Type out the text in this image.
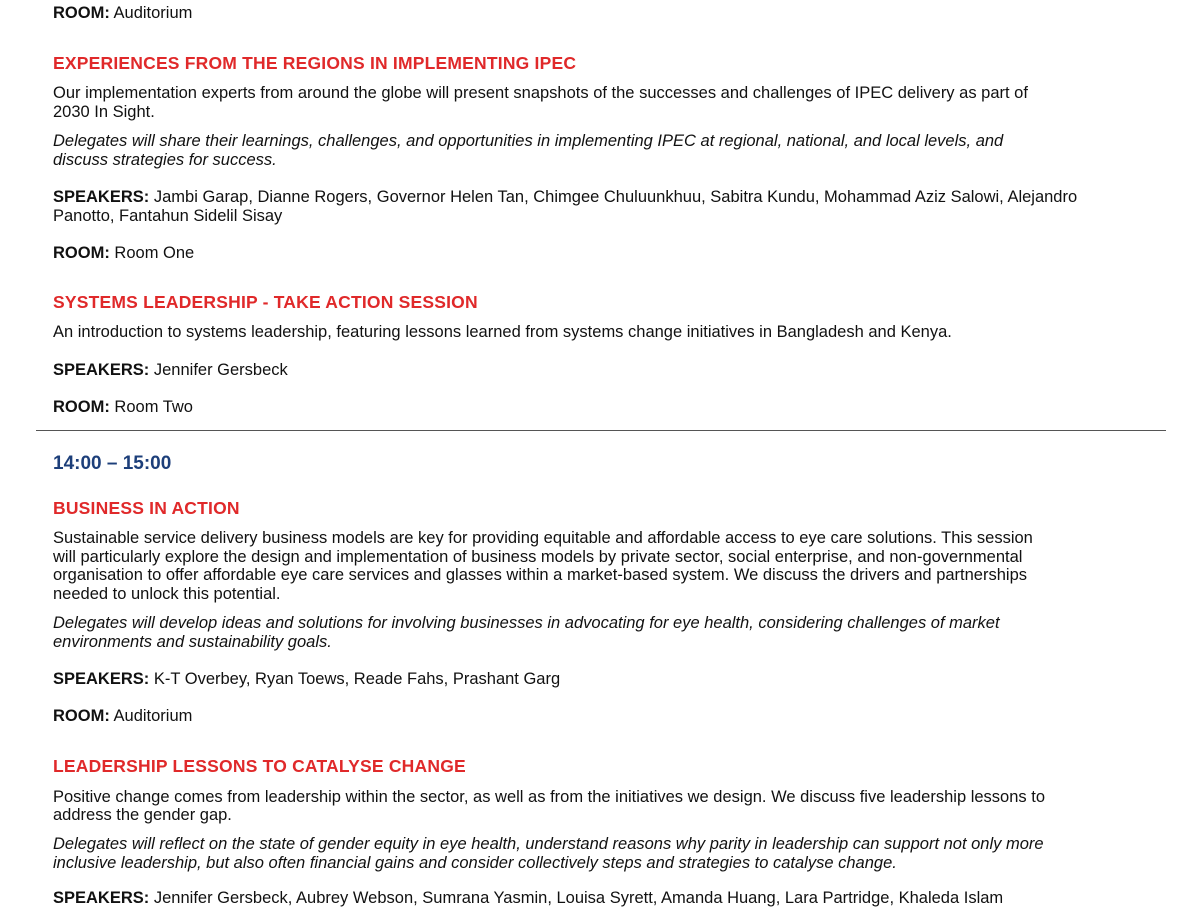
ROOM: Auditorium

EXPERIENCES FROM THE REGIONS IN IMPLEMENTING IPEC

Our implementation experts from around the globe will present snapshots of the successes and challenges of IPEC delivery as part of

2030 In Sight.

Delegates will share their learnings, challenges, and opportunities in implementing IPEC at regional, national, and local levels, and

discuss strategies for success.

SPEAKERS: Jambi Garap, Dianne Rogers, Governor Helen Tan, Chimgee Chuluunkhuu, Sabitra Kundu, Mohammad Aziz Salowi, Alejandro

Panotto, Fantahun Sidelil Sisay

ROOM: Room One

SYSTEMS LEADERSHIP - TAKE ACTION SESSION

An introduction to systems leadership, featuring lessons learned from systems change initiatives in Bangladesh and Kenya.

SPEAKERS: Jennifer Gersbeck

ROOM: Room Two

14:00 – 15:00

BUSINESS IN ACTION

Sustainable service delivery business models are key for providing equitable and affordable access to eye care solutions. This session

will particularly explore the design and implementation of business models by private sector, social enterprise, and non-governmental

organisation to offer affordable eye care services and glasses within a market-based system. We discuss the drivers and partnerships

needed to unlock this potential.

Delegates will develop ideas and solutions for involving businesses in advocating for eye health, considering challenges of market

environments and sustainability goals.

SPEAKERS: K-T Overbey, Ryan Toews, Reade Fahs, Prashant Garg

ROOM: Auditorium

LEADERSHIP LESSONS TO CATALYSE CHANGE

Positive change comes from leadership within the sector, as well as from the initiatives we design. We discuss five leadership lessons to

address the gender gap.

Delegates will reflect on the state of gender equity in eye health, understand reasons why parity in leadership can support not only more

inclusive leadership, but also often financial gains and consider collectively steps and strategies to catalyse change.

SPEAKERS: Jennifer Gersbeck, Aubrey Webson, Sumrana Yasmin, Louisa Syrett, Amanda Huang, Lara Partridge, Khaleda Islam
